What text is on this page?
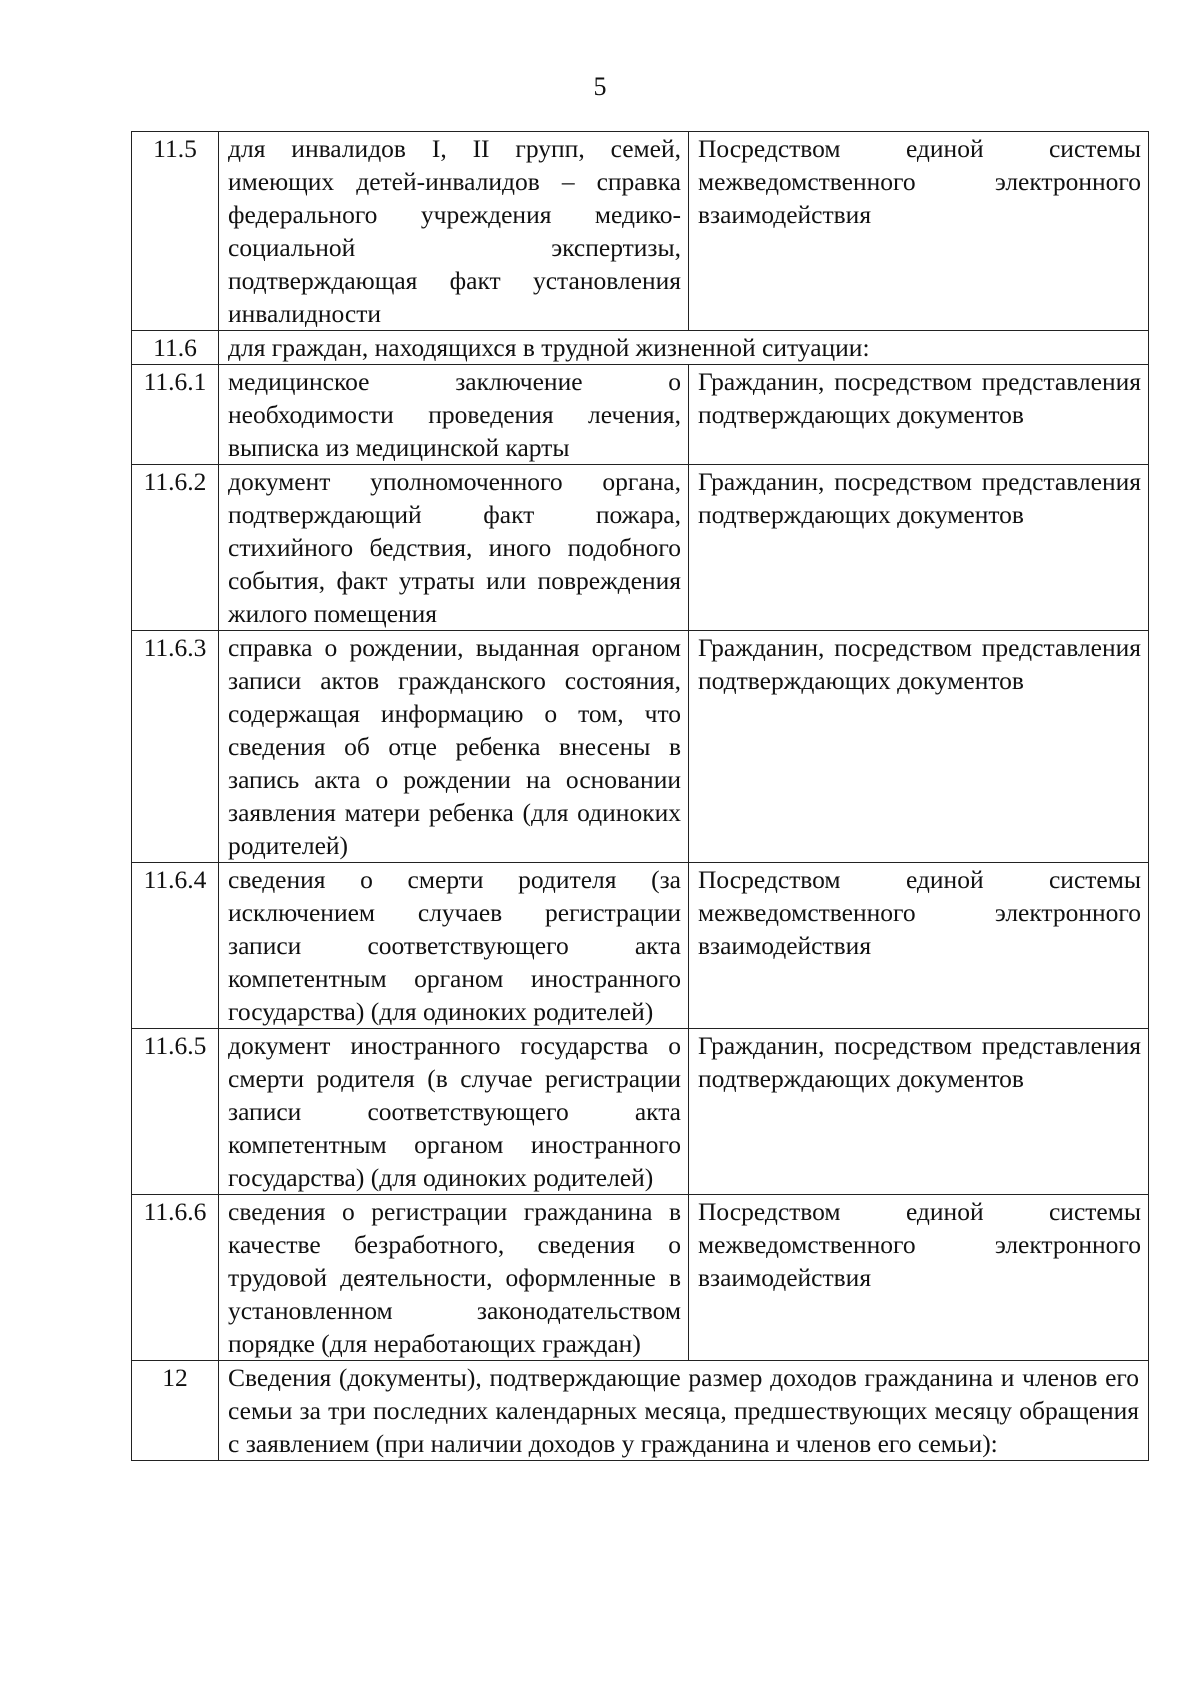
5
11.5	для инвалидов I, II групп, семей, имеющих детей-инвалидов – справка федерального учреждения медико-социальной экспертизы, подтверждающая факт установления инвалидности	Посредством единой системы межведомственного электронного взаимодействия
11.6	для граждан, находящихся в трудной жизненной ситуации:	
11.6.1	медицинское заключение о необходимости проведения лечения, выписка из медицинской карты	Гражданин, посредством представления подтверждающих документов
11.6.2	документ уполномоченного органа, подтверждающий факт пожара, стихийного бедствия, иного подобного события, факт утраты или повреждения жилого помещения	Гражданин, посредством представления подтверждающих документов
11.6.3	справка о рождении, выданная органом записи актов гражданского состояния, содержащая информацию о том, что сведения об отце ребенка внесены в запись акта о рождении на основании заявления матери ребенка (для одиноких родителей)	Гражданин, посредством представления подтверждающих документов
11.6.4	сведения о смерти родителя (за исключением случаев регистрации записи соответствующего акта компетентным органом иностранного государства) (для одиноких родителей)	Посредством единой системы межведомственного электронного взаимодействия
11.6.5	документ иностранного государства о смерти родителя (в случае регистрации записи соответствующего акта компетентным органом иностранного государства) (для одиноких родителей)	Гражданин, посредством представления подтверждающих документов
11.6.6	сведения о регистрации гражданина в качестве безработного, сведения о трудовой деятельности, оформленные в установленном законодательством порядке (для неработающих граждан)	Посредством единой системы межведомственного электронного взаимодействия
12	Сведения (документы), подтверждающие размер доходов гражданина и членов его семьи за три последних календарных месяца, предшествующих месяцу обращения с заявлением (при наличии доходов у гражданина и членов его семьи):	
